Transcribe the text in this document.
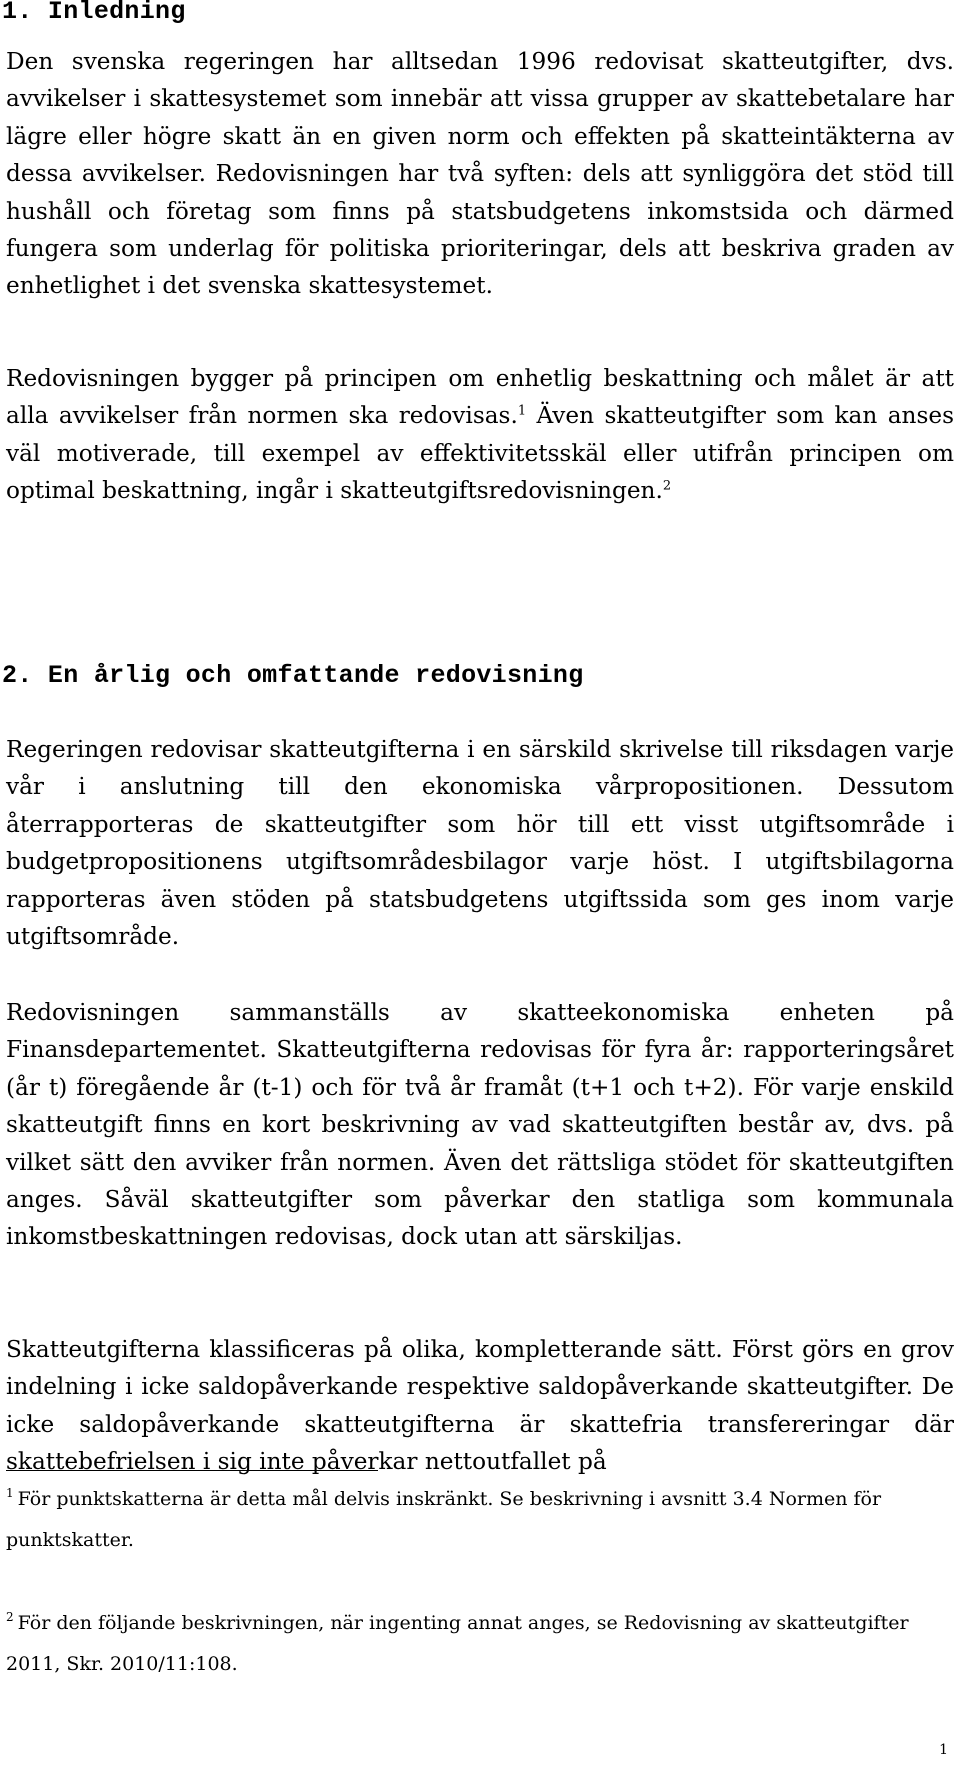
1. Inledning

Den svenska regeringen har alltsedan 1996 redovisat skatteutgifter, dvs. avvikelser i skattesystemet som innebär att vissa grupper av skattebetalare har lägre eller högre skatt än en given norm och effekten på skatteintäkterna av dessa avvikelser. Redovisningen har två syften: dels att synliggöra det stöd till hushåll och företag som finns på statsbudgetens inkomstsida och därmed fungera som underlag för politiska prioriteringar, dels att beskriva graden av enhetlighet i det svenska skattesystemet.

Redovisningen bygger på principen om enhetlig beskattning och målet är att alla avvikelser från normen ska redovisas.$^1$ Även skatteutgifter som kan anses väl motiverade, till exempel av effektivitetsskäl eller utifrån principen om optimal beskattning, ingår i skatteutgiftsredovisningen.$^2$

2. En årlig och omfattande redovisning

Regeringen redovisar skatteutgifterna i en särskild skrivelse till riksdagen varje vår i anslutning till den ekonomiska vårpropositionen. Dessutom återrapporteras de skatteutgifter som hör till ett visst utgiftsområde i budgetpropositionens utgiftsområdesbilagor varje höst. I utgiftsbilagorna rapporteras även stöden på statsbudgetens utgiftssida som ges inom varje utgiftsområde.

Redovisningen sammanställs av skatteekonomiska enheten på Finansdepartementet. Skatteutgifterna redovisas för fyra år: rapporteringsåret (år t) föregående år (t-1) och för två år framåt (t+1 och t+2). För varje enskild skatteutgift finns en kort beskrivning av vad skatteutgiften består av, dvs. på vilket sätt den avviker från normen. Även det rättsliga stödet för skatteutgiften anges. Såväl skatteutgifter som påverkar den statliga som kommunala inkomstbeskattningen redovisas, dock utan att särskiljas.

Skatteutgifterna klassificeras på olika, kompletterande sätt. Först görs en grov indelning i icke saldopåverkande respektive saldopåverkande skatteutgifter. De icke saldopåverkande skatteutgifterna är skattefria transfereringar där skattebefrielsen i sig inte påverkar nettoutfallet på

$^1$ För punktskatterna är detta mål delvis inskränkt. Se beskrivning i avsnitt 3.4 Normen för punktskatter.

$^2$ För den följande beskrivningen, när ingenting annat anges, se Redovisning av skatteutgifter 2011, Skr. 2010/11:108.

1
